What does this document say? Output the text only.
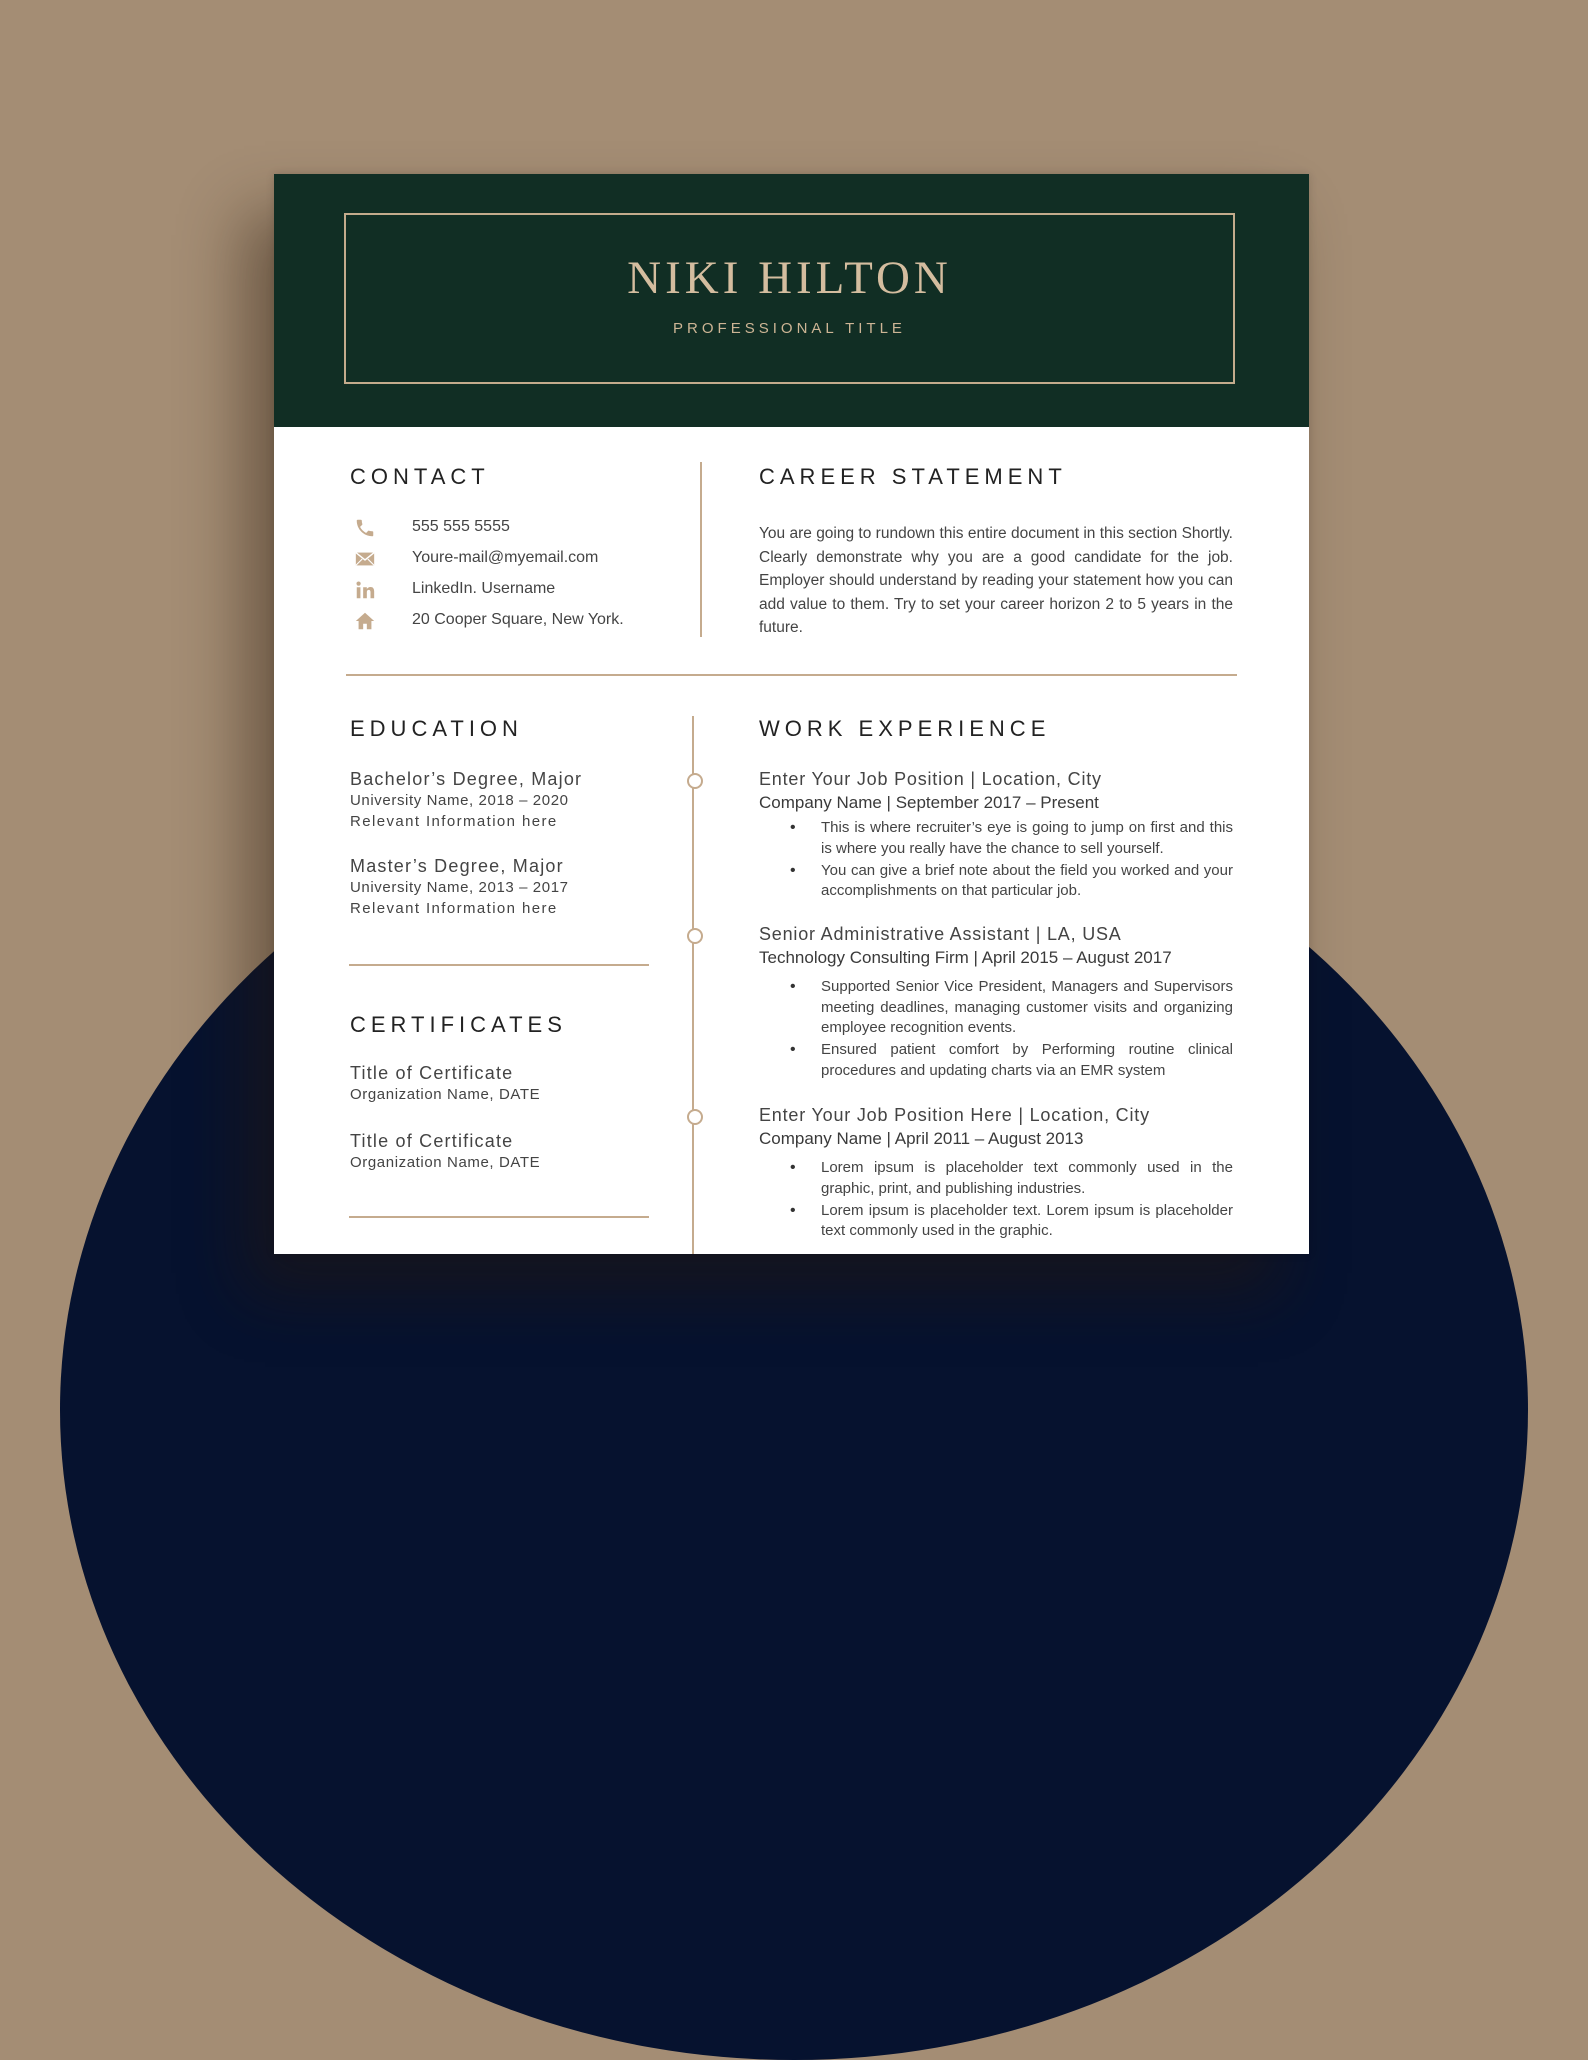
NIKI HILTON
PROFESSIONAL TITLE
CONTACT
555 555 5555
Youre-mail@myemail.com
LinkedIn. Username
20 Cooper Square, New York.
CAREER STATEMENT
You are going to rundown this entire document in this section Shortly. Clearly demonstrate why you are a good candidate for the job. Employer should understand by reading your statement how you can add value to them. Try to set your career horizon 2 to 5 years in the future.
EDUCATION
Bachelor’s Degree, Major
University Name, 2018 – 2020
Relevant Information here
Master’s Degree, Major
University Name, 2013 – 2017
Relevant Information here
CERTIFICATES
Title of Certificate
Organization Name, DATE
Title of Certificate
Organization Name, DATE
WORK EXPERIENCE
Enter Your Job Position | Location, City
Company Name | September 2017 – Present
• This is where recruiter’s eye is going to jump on first and this is where you really have the chance to sell yourself.
• You can give a brief note about the field you worked and your accomplishments on that particular job.
Senior Administrative Assistant | LA, USA
Technology Consulting Firm | April 2015 – August 2017
• Supported Senior Vice President, Managers and Supervisors meeting deadlines, managing customer visits and organizing employee recognition events.
• Ensured patient comfort by Performing routine clinical procedures and updating charts via an EMR system
Enter Your Job Position Here | Location, City
Company Name | April 2011 – August 2013
• Lorem ipsum is placeholder text commonly used in the graphic, print, and publishing industries.
• Lorem ipsum is placeholder text. Lorem ipsum is placeholder text commonly used in the graphic.
